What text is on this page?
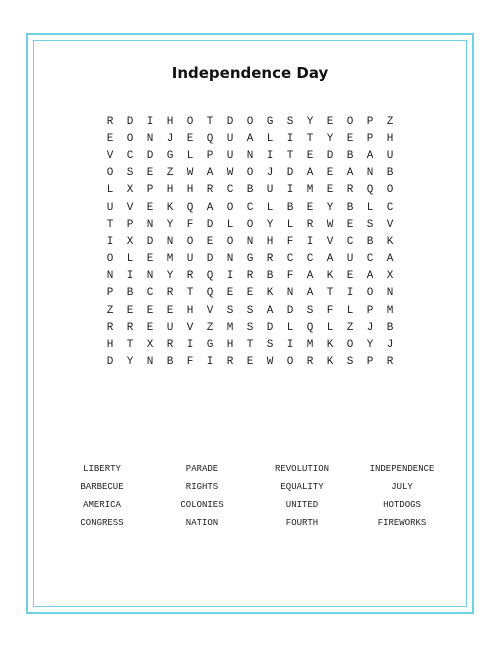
Independence Day
R	D	I	H	O	T	D	O	G	S	Y	E	O	P	Z
E	O	N	J	E	Q	U	A	L	I	T	Y	E	P	H
V	C	D	G	L	P	U	N	I	T	E	D	B	A	U
O	S	E	Z	W	A	W	O	J	D	A	E	A	N	B
L	X	P	H	H	R	C	B	U	I	M	E	R	Q	O
U	V	E	K	Q	A	O	C	L	B	E	Y	B	L	C
T	P	N	Y	F	D	L	O	Y	L	R	W	E	S	V
I	X	D	N	O	E	O	N	H	F	I	V	C	B	K
O	L	E	M	U	D	N	G	R	C	C	A	U	C	A
N	I	N	Y	R	Q	I	R	B	F	A	K	E	A	X
P	B	C	R	T	Q	E	E	K	N	A	T	I	O	N
Z	E	E	E	H	V	S	S	A	D	S	F	L	P	M
R	R	E	U	V	Z	M	S	D	L	Q	L	Z	J	B
H	T	X	R	I	G	H	T	S	I	M	K	O	Y	J
D	Y	N	B	F	I	R	E	W	O	R	K	S	P	R
LIBERTY	PARADE	REVOLUTION	INDEPENDENCE
BARBECUE	RIGHTS	EQUALITY	JULY
AMERICA	COLONIES	UNITED	HOTDOGS
CONGRESS	NATION	FOURTH	FIREWORKS
